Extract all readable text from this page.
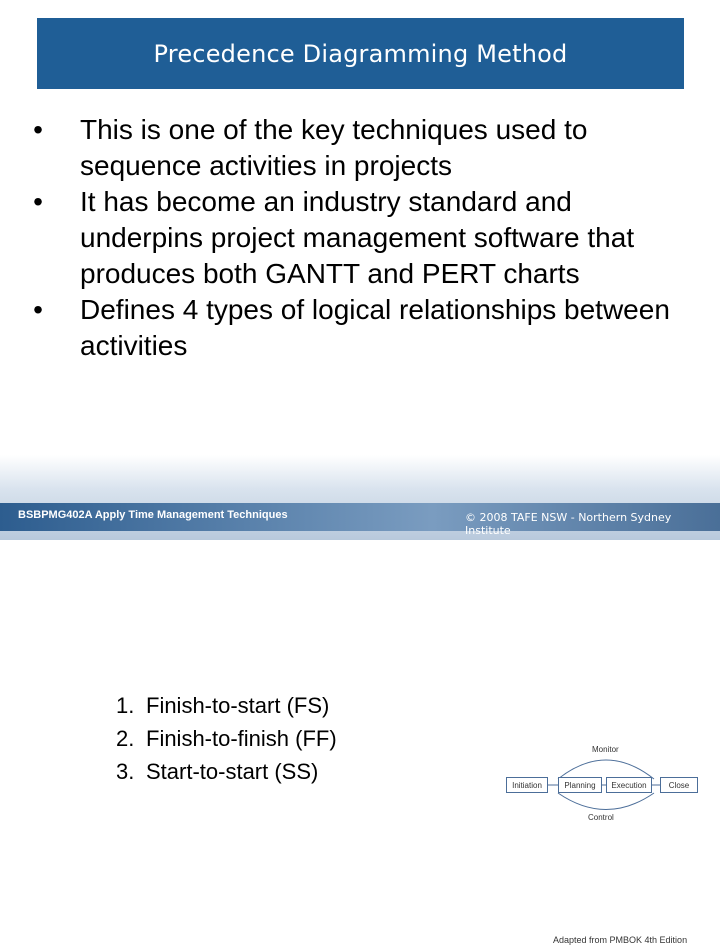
Precedence Diagramming Method
• This is one of the key techniques used to sequence activities in projects
• It has become an industry standard and underpins project management software that produces both GANTT and PERT charts
• Defines 4 types of logical relationships between activities
1. Finish-to-start (FS)
2. Finish-to-finish (FF)
3. Start-to-start (SS)
Monitor
Initiation	Planning Execution	Close
Control
$_{Adapted from PMBOK 4th Edition}$
BSBPMG402A Apply Time Management Techniques	© 2008 TAFE NSW - Northern Sydney Institute
